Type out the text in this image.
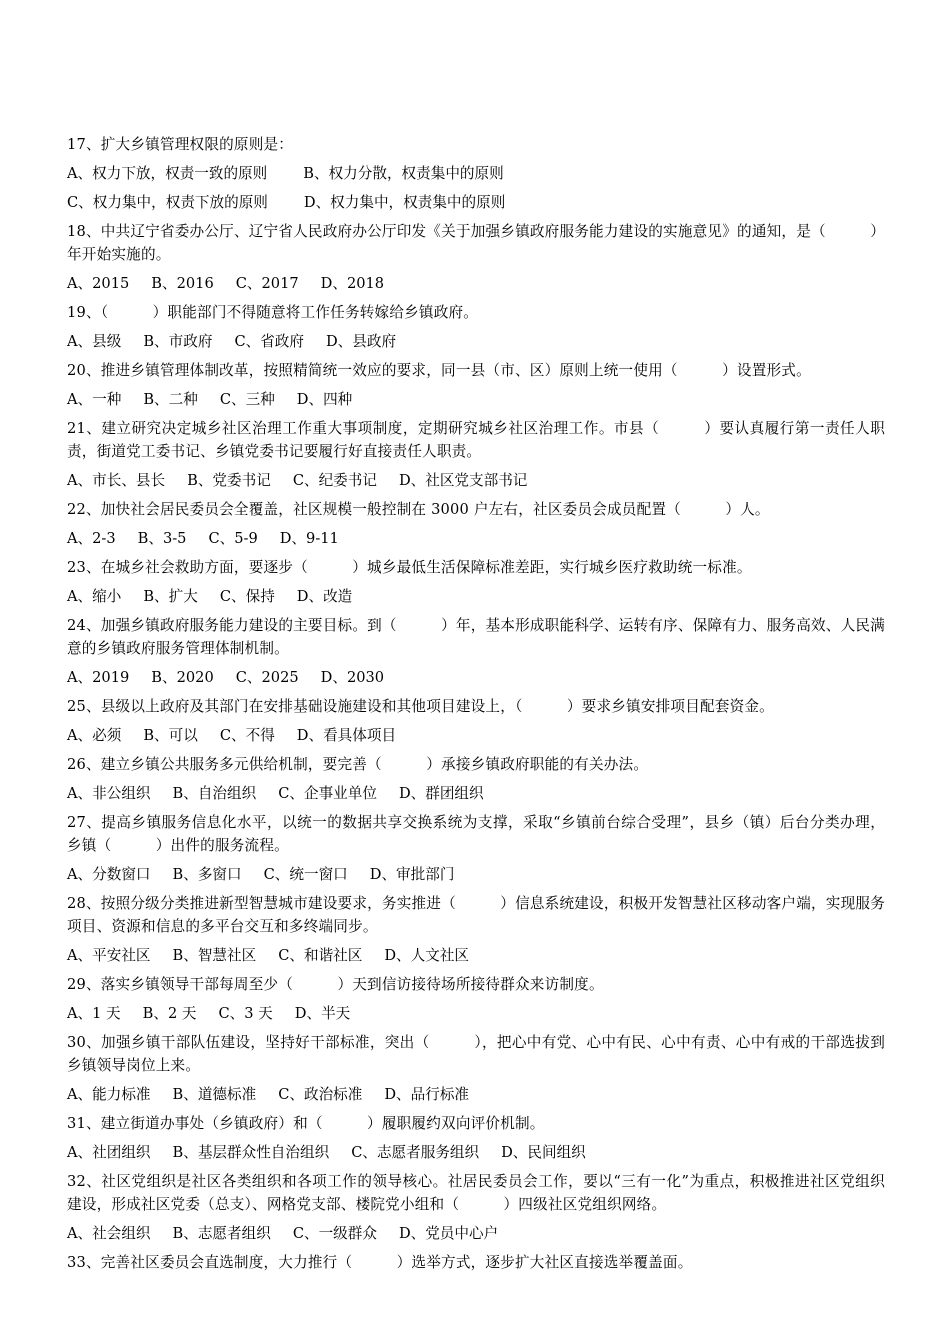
17、扩大乡镇管理权限的原则是：
A、权力下放，权责一致的原则 B、权力分散，权责集中的原则
C、权力集中，权责下放的原则 D、权力集中，权责集中的原则
18、中共辽宁省委办公厅、辽宁省人民政府办公厅印发《关于加强乡镇政府服务能力建设的实施意见》的通知，是（　　　）年开始实施的。
A、2015 B、2016 C、2017 D、2018
19、（　　　）职能部门不得随意将工作任务转嫁给乡镇政府。
A、县级 B、市政府 C、省政府 D、县政府
20、推进乡镇管理体制改革，按照精简统一效应的要求，同一县（市、区）原则上统一使用（　　　）设置形式。
A、一种 B、二种 C、三种 D、四种
21、建立研究决定城乡社区治理工作重大事项制度，定期研究城乡社区治理工作。市县（　　　）要认真履行第一责任人职责，街道党工委书记、乡镇党委书记要履行好直接责任人职责。
A、市长、县长 B、党委书记 C、纪委书记 D、社区党支部书记
22、加快社会居民委员会全覆盖，社区规模一般控制在 3000 户左右，社区委员会成员配置（　　　）人。
A、2-3 B、3-5 C、5-9 D、9-11
23、在城乡社会救助方面，要逐步（　　　）城乡最低生活保障标准差距，实行城乡医疗救助统一标准。
A、缩小 B、扩大 C、保持 D、改造
24、加强乡镇政府服务能力建设的主要目标。到（　　　）年，基本形成职能科学、运转有序、保障有力、服务高效、人民满意的乡镇政府服务管理体制机制。
A、2019 B、2020 C、2025 D、2030
25、县级以上政府及其部门在安排基础设施建设和其他项目建设上，（　　　）要求乡镇安排项目配套资金。
A、必须 B、可以 C、不得 D、看具体项目
26、建立乡镇公共服务多元供给机制，要完善（　　　）承接乡镇政府职能的有关办法。
A、非公组织 B、自治组织 C、企事业单位 D、群团组织
27、提高乡镇服务信息化水平，以统一的数据共享交换系统为支撑，采取“乡镇前台综合受理”，县乡（镇）后台分类办理，乡镇（　　　）出件的服务流程。
A、分数窗口 B、多窗口 C、统一窗口 D、审批部门
28、按照分级分类推进新型智慧城市建设要求，务实推进（　　　）信息系统建设，积极开发智慧社区移动客户端，实现服务项目、资源和信息的多平台交互和多终端同步。
A、平安社区 B、智慧社区 C、和谐社区 D、人文社区
29、落实乡镇领导干部每周至少（　　　）天到信访接待场所接待群众来访制度。
A、1 天 B、2 天 C、3 天 D、半天
30、加强乡镇干部队伍建设，坚持好干部标准，突出（　　　），把心中有党、心中有民、心中有责、心中有戒的干部选拔到乡镇领导岗位上来。
A、能力标准 B、道德标准 C、政治标准 D、品行标准
31、建立街道办事处（乡镇政府）和（　　　）履职履约双向评价机制。
A、社团组织 B、基层群众性自治组织 C、志愿者服务组织 D、民间组织
32、社区党组织是社区各类组织和各项工作的领导核心。社居民委员会工作，要以“三有一化”为重点，积极推进社区党组织建设，形成社区党委（总支）、网格党支部、楼院党小组和（　　　）四级社区党组织网络。
A、社会组织 B、志愿者组织 C、一级群众 D、党员中心户
33、完善社区委员会直选制度，大力推行（　　　）选举方式，逐步扩大社区直接选举覆盖面。
